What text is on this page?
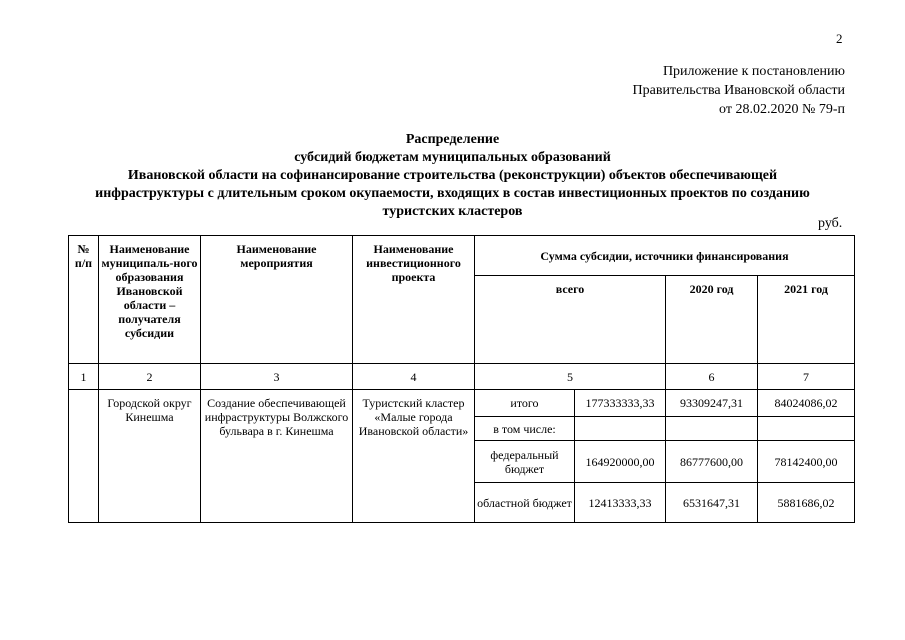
2
Приложение к постановлению
Правительства Ивановской области
от 28.02.2020 № 79-п
Распределение
субсидий бюджетам муниципальных образований
Ивановской области на софинансирование строительства (реконструкции) объектов обеспечивающей
инфраструктуры с длительным сроком окупаемости, входящих в состав инвестиционных проектов по созданию
туристских кластеров
руб.
№ п/п	Наименование муниципаль-ного образования Ивановской области – получателя субсидии	Наименование мероприятия	Наименование инвестиционного проекта	Сумма субсидии, источники финансирования			
				всего		2020 год	2021 год
1	2	3	4	5		6	7
	Городской округ Кинешма	Создание обеспечивающей инфраструктуры Волжского бульвара в г. Кинешма	Туристский кластер «Малые города Ивановской области»	итого	177333333,33	93309247,31	84024086,02
				в том числе:			
				федеральный бюджет	164920000,00	86777600,00	78142400,00
				областной бюджет	12413333,33	6531647,31	5881686,02
